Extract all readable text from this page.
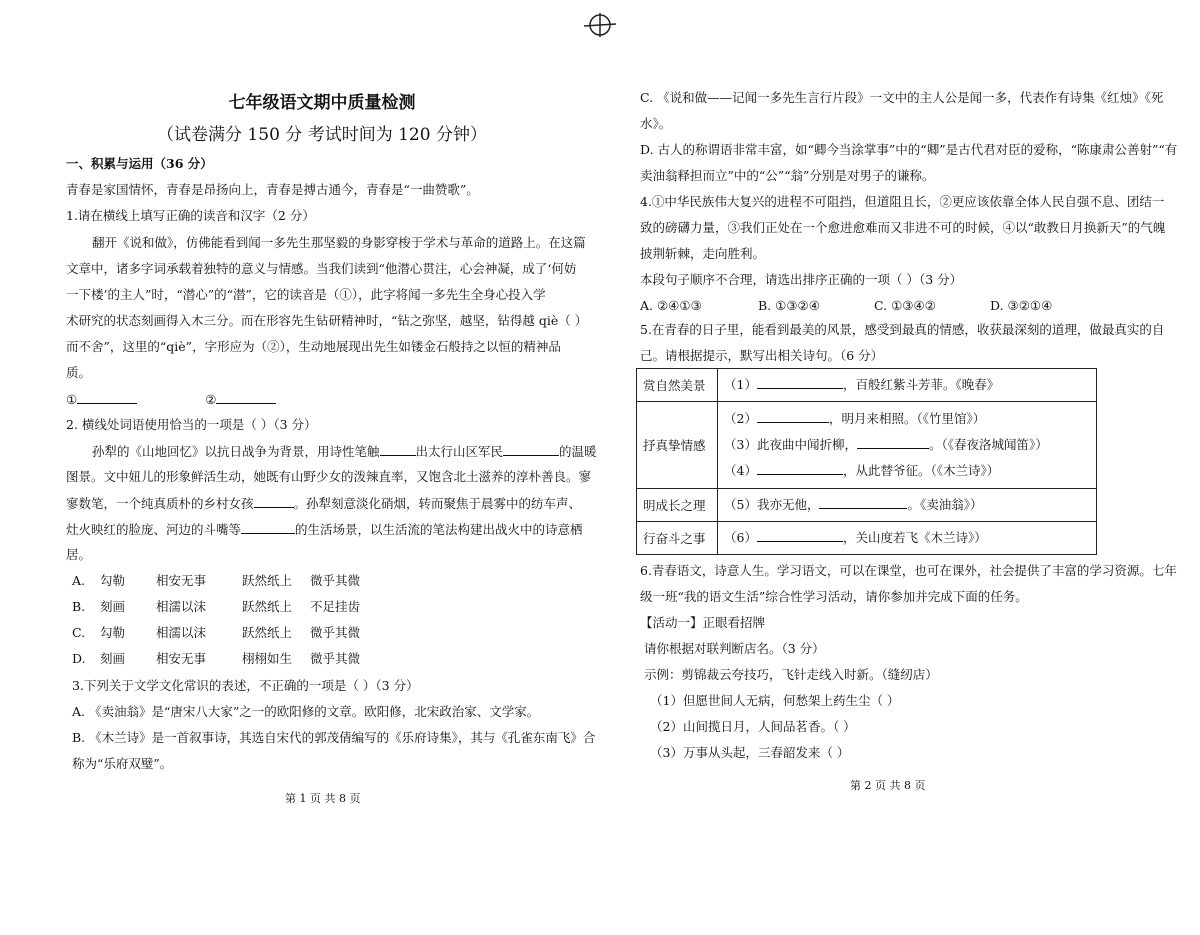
七年级语文期中质量检测
（试卷满分 150 分 考试时间为 120 分钟）
一、积累与运用（36 分）
青春是家国情怀，青春是昂扬向上，青春是搏古通今，青春是“一曲赞歌”。
1.请在横线上填写正确的读音和汉字（2 分）
翻开《说和做》，仿佛能看到闻一多先生那坚毅的身影穿梭于学术与革命的道路上。在这篇
文章中，诸多字词承载着独特的意义与情感。当我们读到“他潜心贯注，心会神凝，成了‘何妨
一下楼’的主人”时，“潜心”的“潜”，它的读音是（①），此字将闻一多先生全身心投入学
术研究的状态刻画得入木三分。而在形容先生钻研精神时，“钻之弥坚，越坚，钻得越 qiè（ ）
而不舍”，这里的“qiè”，字形应为（②），生动地展现出先生如镂金石般持之以恒的精神品
质。
①	②
2. 横线处词语使用恰当的一项是（ ）（3 分）
孙犁的《山地回忆》以抗日战争为背景，用诗性笔触	出太行山区军民	的温暖
图景。文中妞儿的形象鲜活生动，她既有山野少女的泼辣直率，又饱含北土滋养的淳朴善良。寥
寥数笔，一个纯真质朴的乡村女孩	。孙犁刻意淡化硝烟，转而聚焦于晨雾中的纺车声、
灶火映红的脸庞、河边的斗嘴等	的生活场景，以生活流的笔法构建出战火中的诗意栖
居。
A. 勾勒 相安无事	跃然纸上 微乎其微
B. 刻画 相濡以沫	跃然纸上 不足挂齿
C. 勾勒 相濡以沫	跃然纸上 微乎其微
D. 刻画 相安无事	栩栩如生 微乎其微
3.下列关于文学文化常识的表述，不正确的一项是（ ）（3 分）
A. 《卖油翁》是“唐宋八大家”之一的欧阳修的文章。欧阳修，北宋政治家、文学家。
B. 《木兰诗》是一首叙事诗，其选自宋代的郭茂倩编写的《乐府诗集》，其与《孔雀东南飞》合
称为“乐府双璧”。
第 1 页 共 8 页
C. 《说和做——记闻一多先生言行片段》一文中的主人公是闻一多，代表作有诗集《红烛》《死
水》。
D. 古人的称谓语非常丰富，如“卿今当涂掌事”中的“卿”是古代君对臣的爱称，“陈康肃公善射”“有
卖油翁释担而立”中的“公”“翁”分别是对男子的谦称。
4.①中华民族伟大复兴的进程不可阻挡，但道阻且长，②更应该依靠全体人民自强不息、团结一
致的磅礴力量，③我们正处在一个愈进愈难而又非进不可的时候，④以“敢教日月换新天”的气魄
披荆斩棘，走向胜利。
本段句子顺序不合理，请选出排序正确的一项（ ）（3 分）
A. ②④①③	B. ①③②④	C. ①③④②	D. ③②①④
5.在青春的日子里，能看到最美的风景，感受到最真的情感，收获最深刻的道理，做最真实的自
己。请根据提示，默写出相关诗句。（6 分）
赏自然美景	（1） ，百般红紫斗芳菲。《晚春》

抒真挚情感	（2） ，明月来相照。（《竹里馆》）
（3）此夜曲中闻折柳， 。（《春夜洛城闻笛》）
（4） ，从此替爷征。（《木兰诗》）

明成长之理	（5）我亦无他， 。《卖油翁》）

行奋斗之事	（6） ，关山度若飞《木兰诗》）
6.青春语文，诗意人生。学习语文，可以在课堂，也可在课外，社会提供了丰富的学习资源。七年
级一班“我的语文生活”综合性学习活动，请你参加并完成下面的任务。
【活动一】正眼看招牌
请你根据对联判断店名。（3 分）
示例：剪锦裁云夸技巧，飞针走线入时新。（缝纫店）
（1）但愿世间人无病，何愁架上药生尘（ ）
（2）山间揽日月，人间品茗香。（ ）
（3）万事从头起，三春韶发来（ ）
第 2 页 共 8 页
